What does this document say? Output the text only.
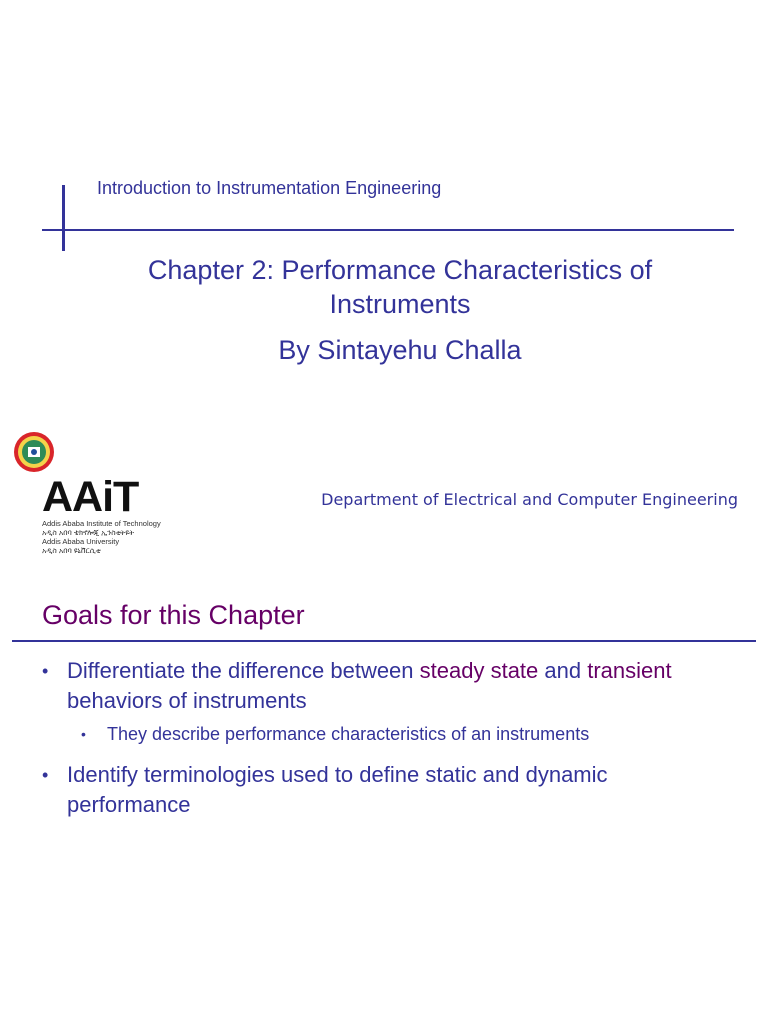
Introduction to Instrumentation Engineering
Chapter 2: Performance Characteristics of
Instruments
By Sintayehu Challa
AAiT
Addis Ababa Institute of Technology
አዲስ አበባ ቴክኖሎጂ ኢንስቲትዩት
Addis Ababa University
አዲስ አበባ ዩኒቨርሲቲ
Department of Electrical and Computer Engineering
Goals for this Chapter
• Differentiate the difference between steady state and transient behaviors of instruments
• They describe performance characteristics of an instruments
• Identify terminologies used to define static and dynamic performance
